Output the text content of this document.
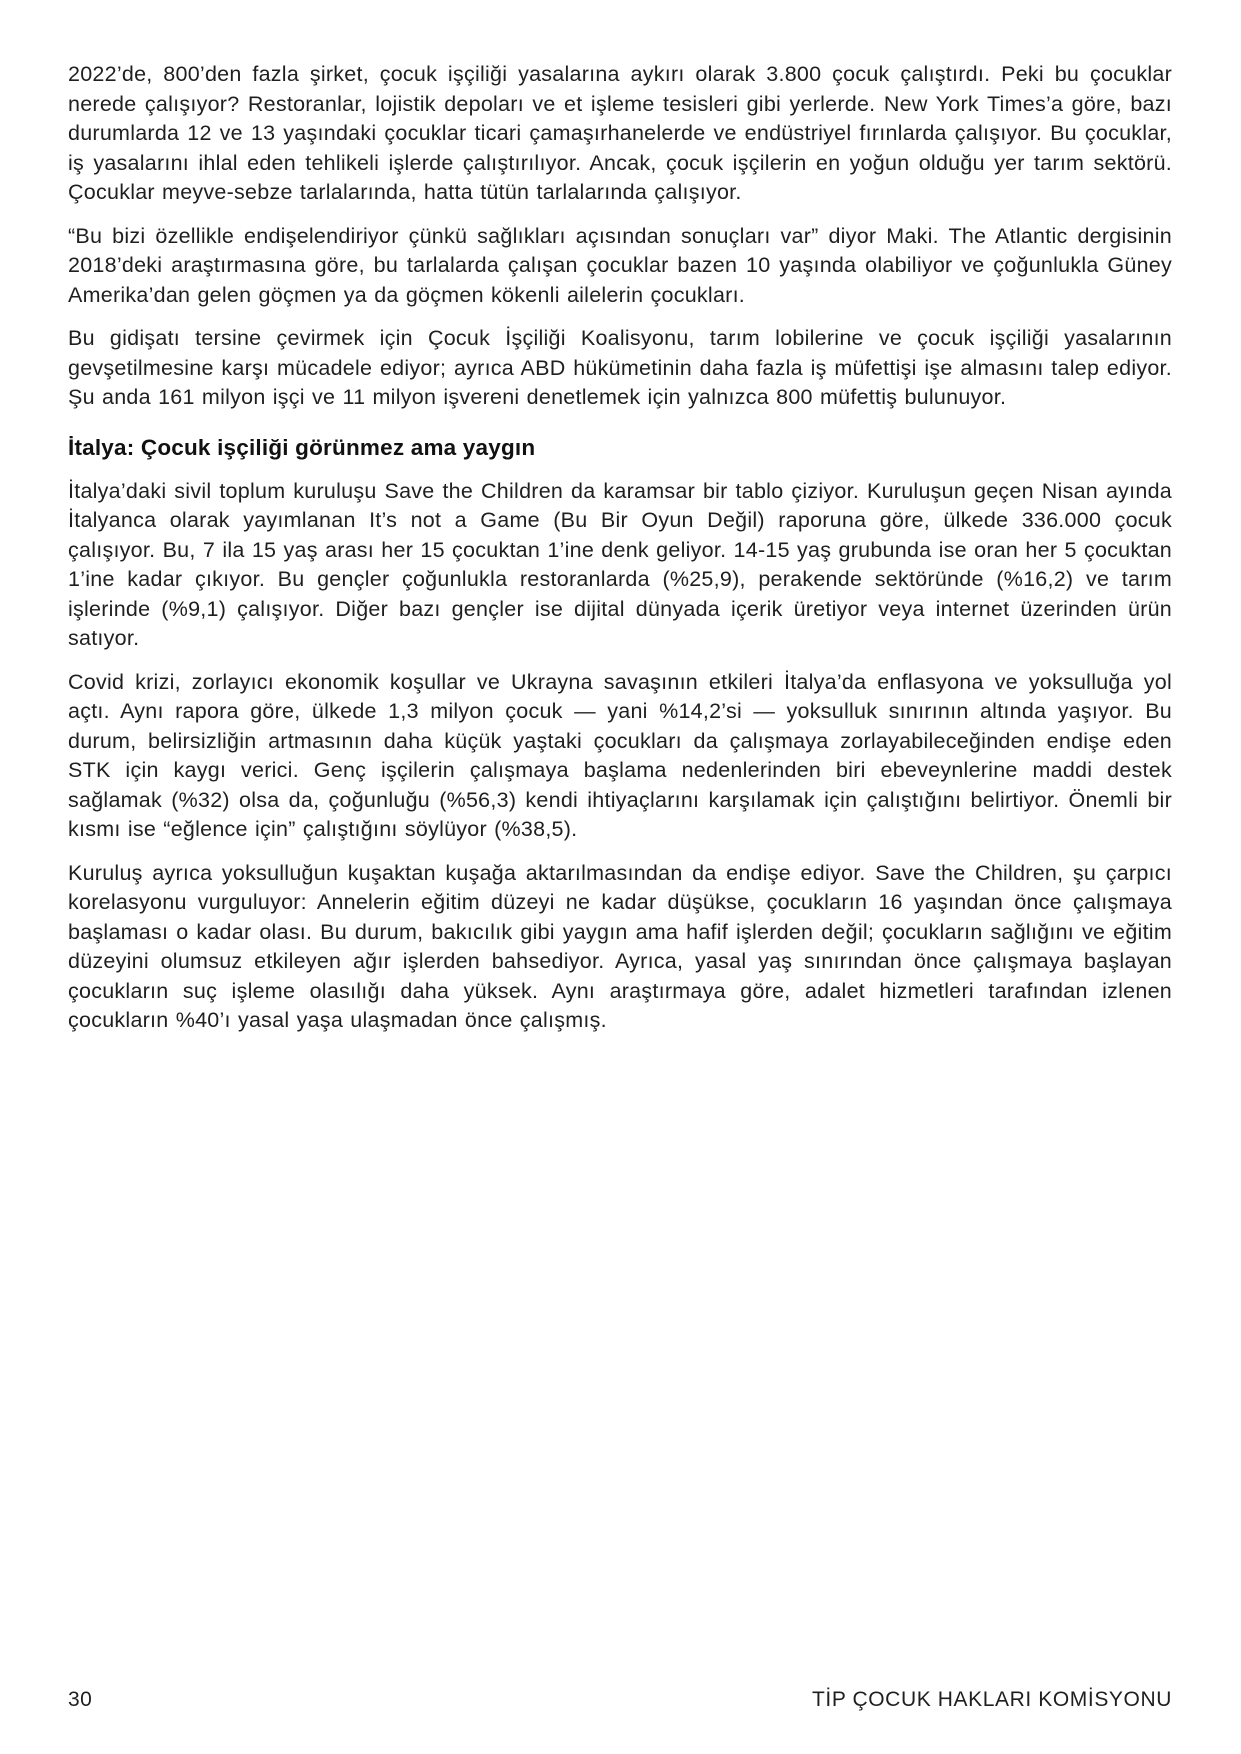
2022’de, 800’den fazla şirket, çocuk işçiliği yasalarına aykırı olarak 3.800 çocuk çalıştırdı. Peki bu çocuklar nerede çalışıyor? Restoranlar, lojistik depoları ve et işleme tesisleri gibi yerlerde. New York Times’a göre, bazı durumlarda 12 ve 13 yaşındaki çocuklar ticari çamaşırhanelerde ve endüstriyel fırınlarda çalışıyor. Bu çocuklar, iş yasalarını ihlal eden tehlikeli işlerde çalıştırılıyor. Ancak, çocuk işçilerin en yoğun olduğu yer tarım sektörü. Çocuklar meyve-sebze tarlalarında, hatta tütün tarlalarında çalışıyor.

“Bu bizi özellikle endişelendiriyor çünkü sağlıkları açısından sonuçları var” diyor Maki. The Atlantic dergisinin 2018’deki araştırmasına göre, bu tarlalarda çalışan çocuklar bazen 10 yaşında olabiliyor ve çoğunlukla Güney Amerika’dan gelen göçmen ya da göçmen kökenli ailelerin çocukları.

Bu gidişatı tersine çevirmek için Çocuk İşçiliği Koalisyonu, tarım lobilerine ve çocuk işçiliği yasalarının gevşetilmesine karşı mücadele ediyor; ayrıca ABD hükümetinin daha fazla iş müfettişi işe almasını talep ediyor. Şu anda 161 milyon işçi ve 11 milyon işvereni denetlemek için yalnızca 800 müfettiş bulunuyor.

İtalya: Çocuk işçiliği görünmez ama yaygın

İtalya’daki sivil toplum kuruluşu Save the Children da karamsar bir tablo çiziyor. Kuruluşun geçen Nisan ayında İtalyanca olarak yayımlanan It’s not a Game (Bu Bir Oyun Değil) raporuna göre, ülkede 336.000 çocuk çalışıyor. Bu, 7 ila 15 yaş arası her 15 çocuktan 1’ine denk geliyor. 14-15 yaş grubunda ise oran her 5 çocuktan 1’ine kadar çıkıyor. Bu gençler çoğunlukla restoranlarda (%25,9), perakende sektöründe (%16,2) ve tarım işlerinde (%9,1) çalışıyor. Diğer bazı gençler ise dijital dünyada içerik üretiyor veya internet üzerinden ürün satıyor.

Covid krizi, zorlayıcı ekonomik koşullar ve Ukrayna savaşının etkileri İtalya’da enflasyona ve yoksulluğa yol açtı. Aynı rapora göre, ülkede 1,3 milyon çocuk — yani %14,2’si — yoksulluk sınırının altında yaşıyor. Bu durum, belirsizliğin artmasının daha küçük yaştaki çocukları da çalışmaya zorlayabileceğinden endişe eden STK için kaygı verici. Genç işçilerin çalışmaya başlama nedenlerinden biri ebeveynlerine maddi destek sağlamak (%32) olsa da, çoğunluğu (%56,3) kendi ihtiyaçlarını karşılamak için çalıştığını belirtiyor. Önemli bir kısmı ise “eğlence için” çalıştığını söylüyor (%38,5).

Kuruluş ayrıca yoksulluğun kuşaktan kuşağa aktarılmasından da endişe ediyor. Save the Children, şu çarpıcı korelasyonu vurguluyor: Annelerin eğitim düzeyi ne kadar düşükse, çocukların 16 yaşından önce çalışmaya başlaması o kadar olası. Bu durum, bakıcılık gibi yaygın ama hafif işlerden değil; çocukların sağlığını ve eğitim düzeyini olumsuz etkileyen ağır işlerden bahsediyor. Ayrıca, yasal yaş sınırından önce çalışmaya başlayan çocukların suç işleme olasılığı daha yüksek. Aynı araştırmaya göre, adalet hizmetleri tarafından izlenen çocukların %40’ı yasal yaşa ulaşmadan önce çalışmış.

30	TİP ÇOCUK HAKLARI KOMİSYONU
